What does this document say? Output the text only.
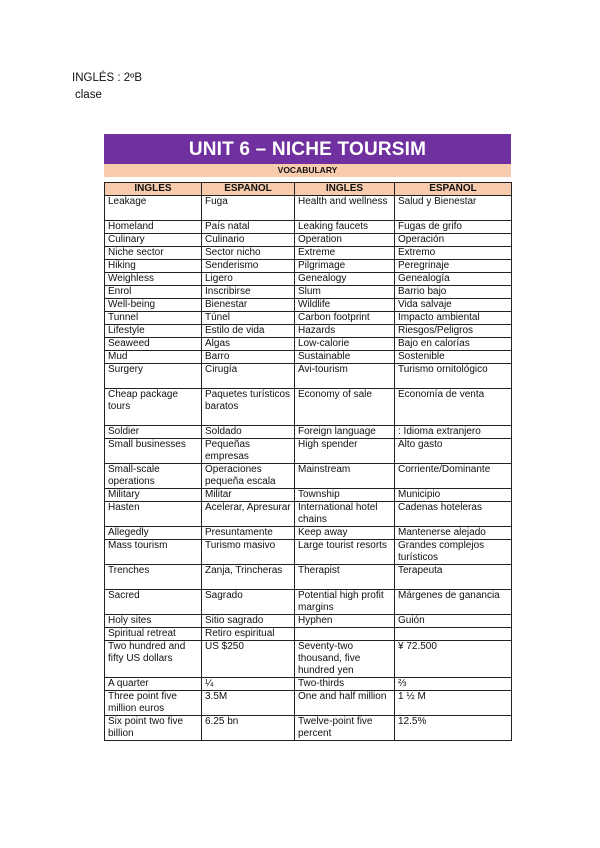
INGLÉS : 2ºB
clase
UNIT 6 – NICHE TOURSIM
VOCABULARY
INGLES	ESPAÑOL	INGLES	ESPAÑOL
Leakage	Fuga	Health and wellness	Salud y Bienestar
Homeland	País natal	Leaking faucets	Fugas de grifo
Culinary	Culinario	Operation	Operación
Niche sector	Sector nicho	Extreme	Extremo
Hiking	Senderismo	Pilgrimage	Peregrinaje
Weighless	Ligero	Genealogy	Genealogía
Enrol	Inscribirse	Slum	Barrio bajo
Well-being	Bienestar	Wildlife	Vida salvaje
Tunnel	Túnel	Carbon footprint	Impacto ambiental
Lifestyle	Estilo de vida	Hazards	Riesgos/Peligros
Seaweed	Algas	Low-calorie	Bajo en calorías
Mud	Barro	Sustainable	Sostenible
Surgery	Cirugía	Avi-tourism	Turismo ornitológico
Cheap package tours	Paquetes turísticos baratos	Economy of sale	Economía de venta
Soldier	Soldado	Foreign language	: Idioma extranjero
Small businesses	Pequeñas empresas	High spender	Alto gasto
Small-scale operations	Operaciones pequeña escala	Mainstream	Corriente/Dominante
Military	Militar	Township	Municipio
Hasten	Acelerar, Apresurar	International hotel chains	Cadenas hoteleras
Allegedly	Presuntamente	Keep away	Mantenerse alejado
Mass tourism	Turismo masivo	Large tourist resorts	Grandes complejos turísticos
Trenches	Zanja, Trincheras	Therapist	Terapeuta
Sacred	Sagrado	Potential high profit margins	Márgenes de ganancia
Holy sites	Sitio sagrado	Hyphen	Guión
Spiritual retreat	Retiro espiritual		
Two hundred and fifty US dollars	US $250	Seventy-two thousand, five hundred yen	¥ 72.500
A quarter	¼	Two-thirds	⅔
Three point five million euros	3.5M	One and half million	1 ½ M
Six point two five billion	6.25 bn	Twelve-point five percent	12.5%
